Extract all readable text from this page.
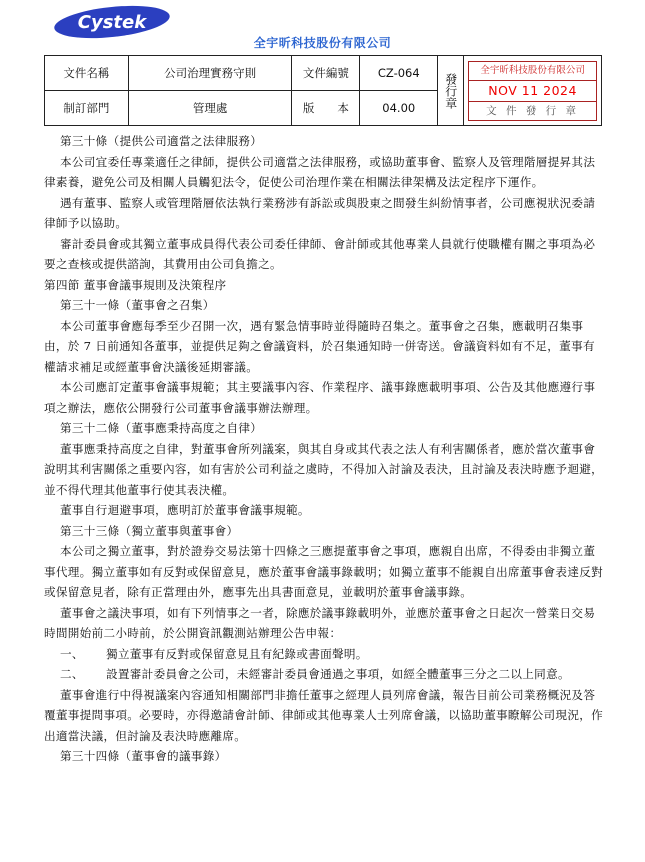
Cystek
全宇昕科技股份有限公司
文件名稱	公司治理實務守則	文件編號	CZ-064	發行章	全宇昕科技股份有限公司
NOV 11 2024
文 件 發 行 章

制訂部門	管理處	版　　本	04.00		

第三十條（提供公司適當之法律服務）

本公司宜委任專業適任之律師，提供公司適當之法律服務，或協助董事會、監察人及管理階層提昇其法律素養，避免公司及相關人員觸犯法令，促使公司治理作業在相關法律架構及法定程序下運作。

遇有董事、監察人或管理階層依法執行業務涉有訴訟或與股東之間發生糾紛情事者，公司應視狀況委請律師予以協助。

審計委員會或其獨立董事成員得代表公司委任律師、會計師或其他專業人員就行使職權有關之事項為必要之查核或提供諮詢，其費用由公司負擔之。

第四節 董事會議事規則及決策程序

第三十一條（董事會之召集）

本公司董事會應每季至少召開一次，遇有緊急情事時並得隨時召集之。董事會之召集，應載明召集事由，於 7 日前通知各董事，並提供足夠之會議資料，於召集通知時一併寄送。會議資料如有不足，董事有權請求補足或經董事會決議後延期審議。

本公司應訂定董事會議事規範；其主要議事內容、作業程序、議事錄應載明事項、公告及其他應遵行事項之辦法，應依公開發行公司董事會議事辦法辦理。

第三十二條（董事應秉持高度之自律）

董事應秉持高度之自律，對董事會所列議案，與其自身或其代表之法人有利害關係者，應於當次董事會說明其利害關係之重要內容，如有害於公司利益之虞時，不得加入討論及表決，且討論及表決時應予迴避，並不得代理其他董事行使其表決權。

董事自行迴避事項，應明訂於董事會議事規範。

第三十三條（獨立董事與董事會）

本公司之獨立董事，對於證券交易法第十四條之三應提董事會之事項，應親自出席，不得委由非獨立董事代理。獨立董事如有反對或保留意見，應於董事會議事錄載明；如獨立董事不能親自出席董事會表達反對或保留意見者，除有正當理由外，應事先出具書面意見，並載明於董事會議事錄。

董事會之議決事項，如有下列情事之一者，除應於議事錄載明外，並應於董事會之日起次一營業日交易時間開始前二小時前，於公開資訊觀測站辦理公告申報：

一、	獨立董事有反對或保留意見且有紀錄或書面聲明。
二、	設置審計委員會之公司，未經審計委員會通過之事項，如經全體董事三分之二以上同意。

董事會進行中得視議案內容通知相關部門非擔任董事之經理人員列席會議，報告目前公司業務概況及答覆董事提問事項。必要時，亦得邀請會計師、律師或其他專業人士列席會議，以協助董事瞭解公司現況，作出適當決議，但討論及表決時應離席。

第三十四條（董事會的議事錄）
